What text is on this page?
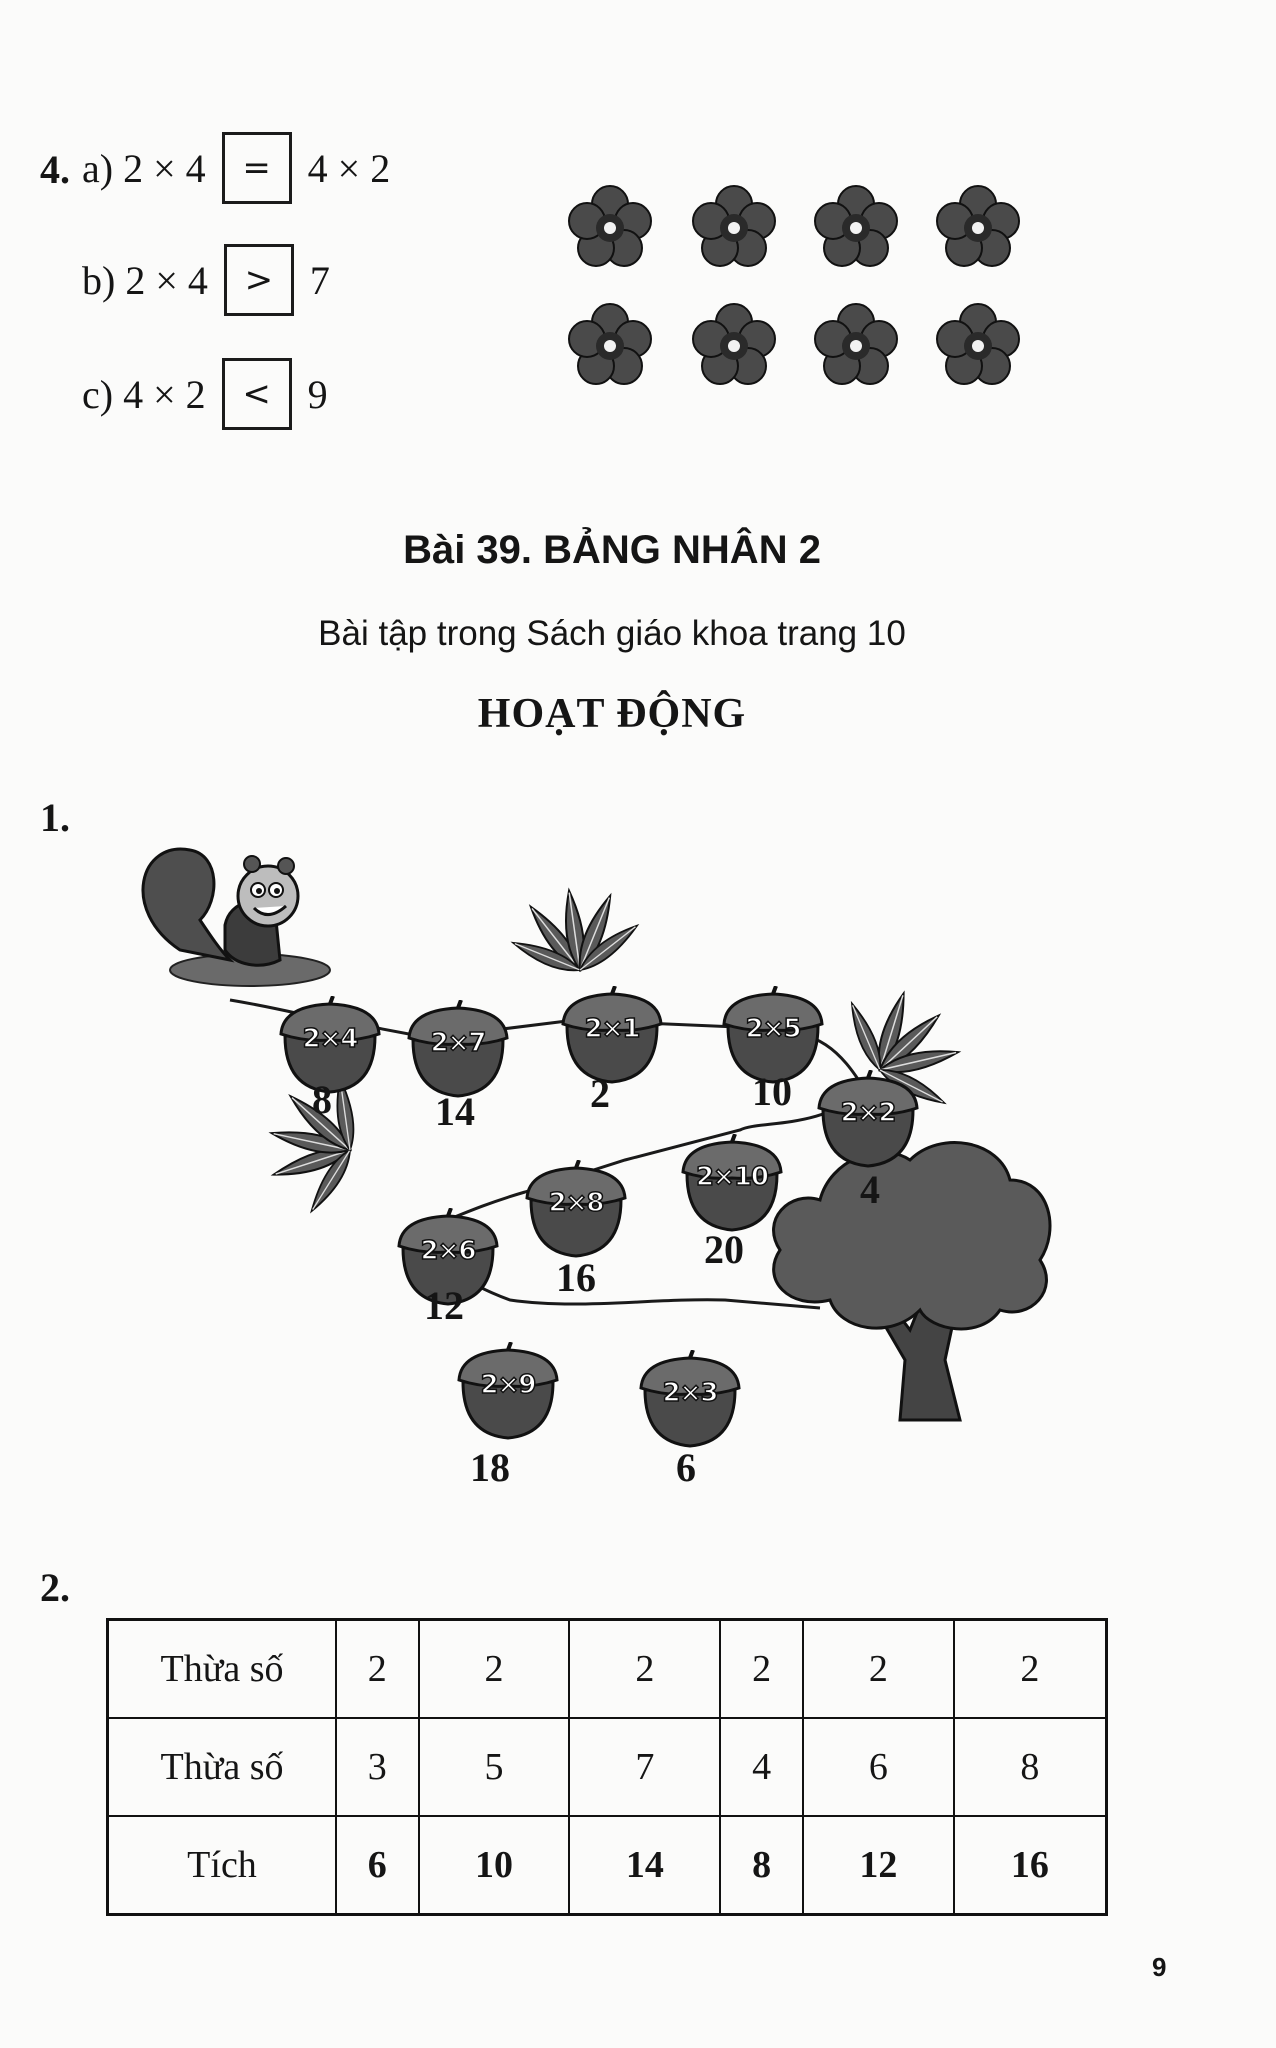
4. a) 2 × 4	= 4 × 2
b) 2 × 4	> 7
c) 4 × 2	< 9
Bài 39. BẢNG NHÂN 2
Bài tập trong Sách giáo khoa trang 10
HOẠT ĐỘNG
1.
2×4
8
2×7
14
2×1
2
2×5
10	2×2
4
2×10
20
2×8
16
2×6
12
2×9
18
2×3
6
2.
Thừa số	2	2	2	2	2	2
Thừa số	3	5	7	4	6	8
Tích	6	10	14	8	12	16
9
